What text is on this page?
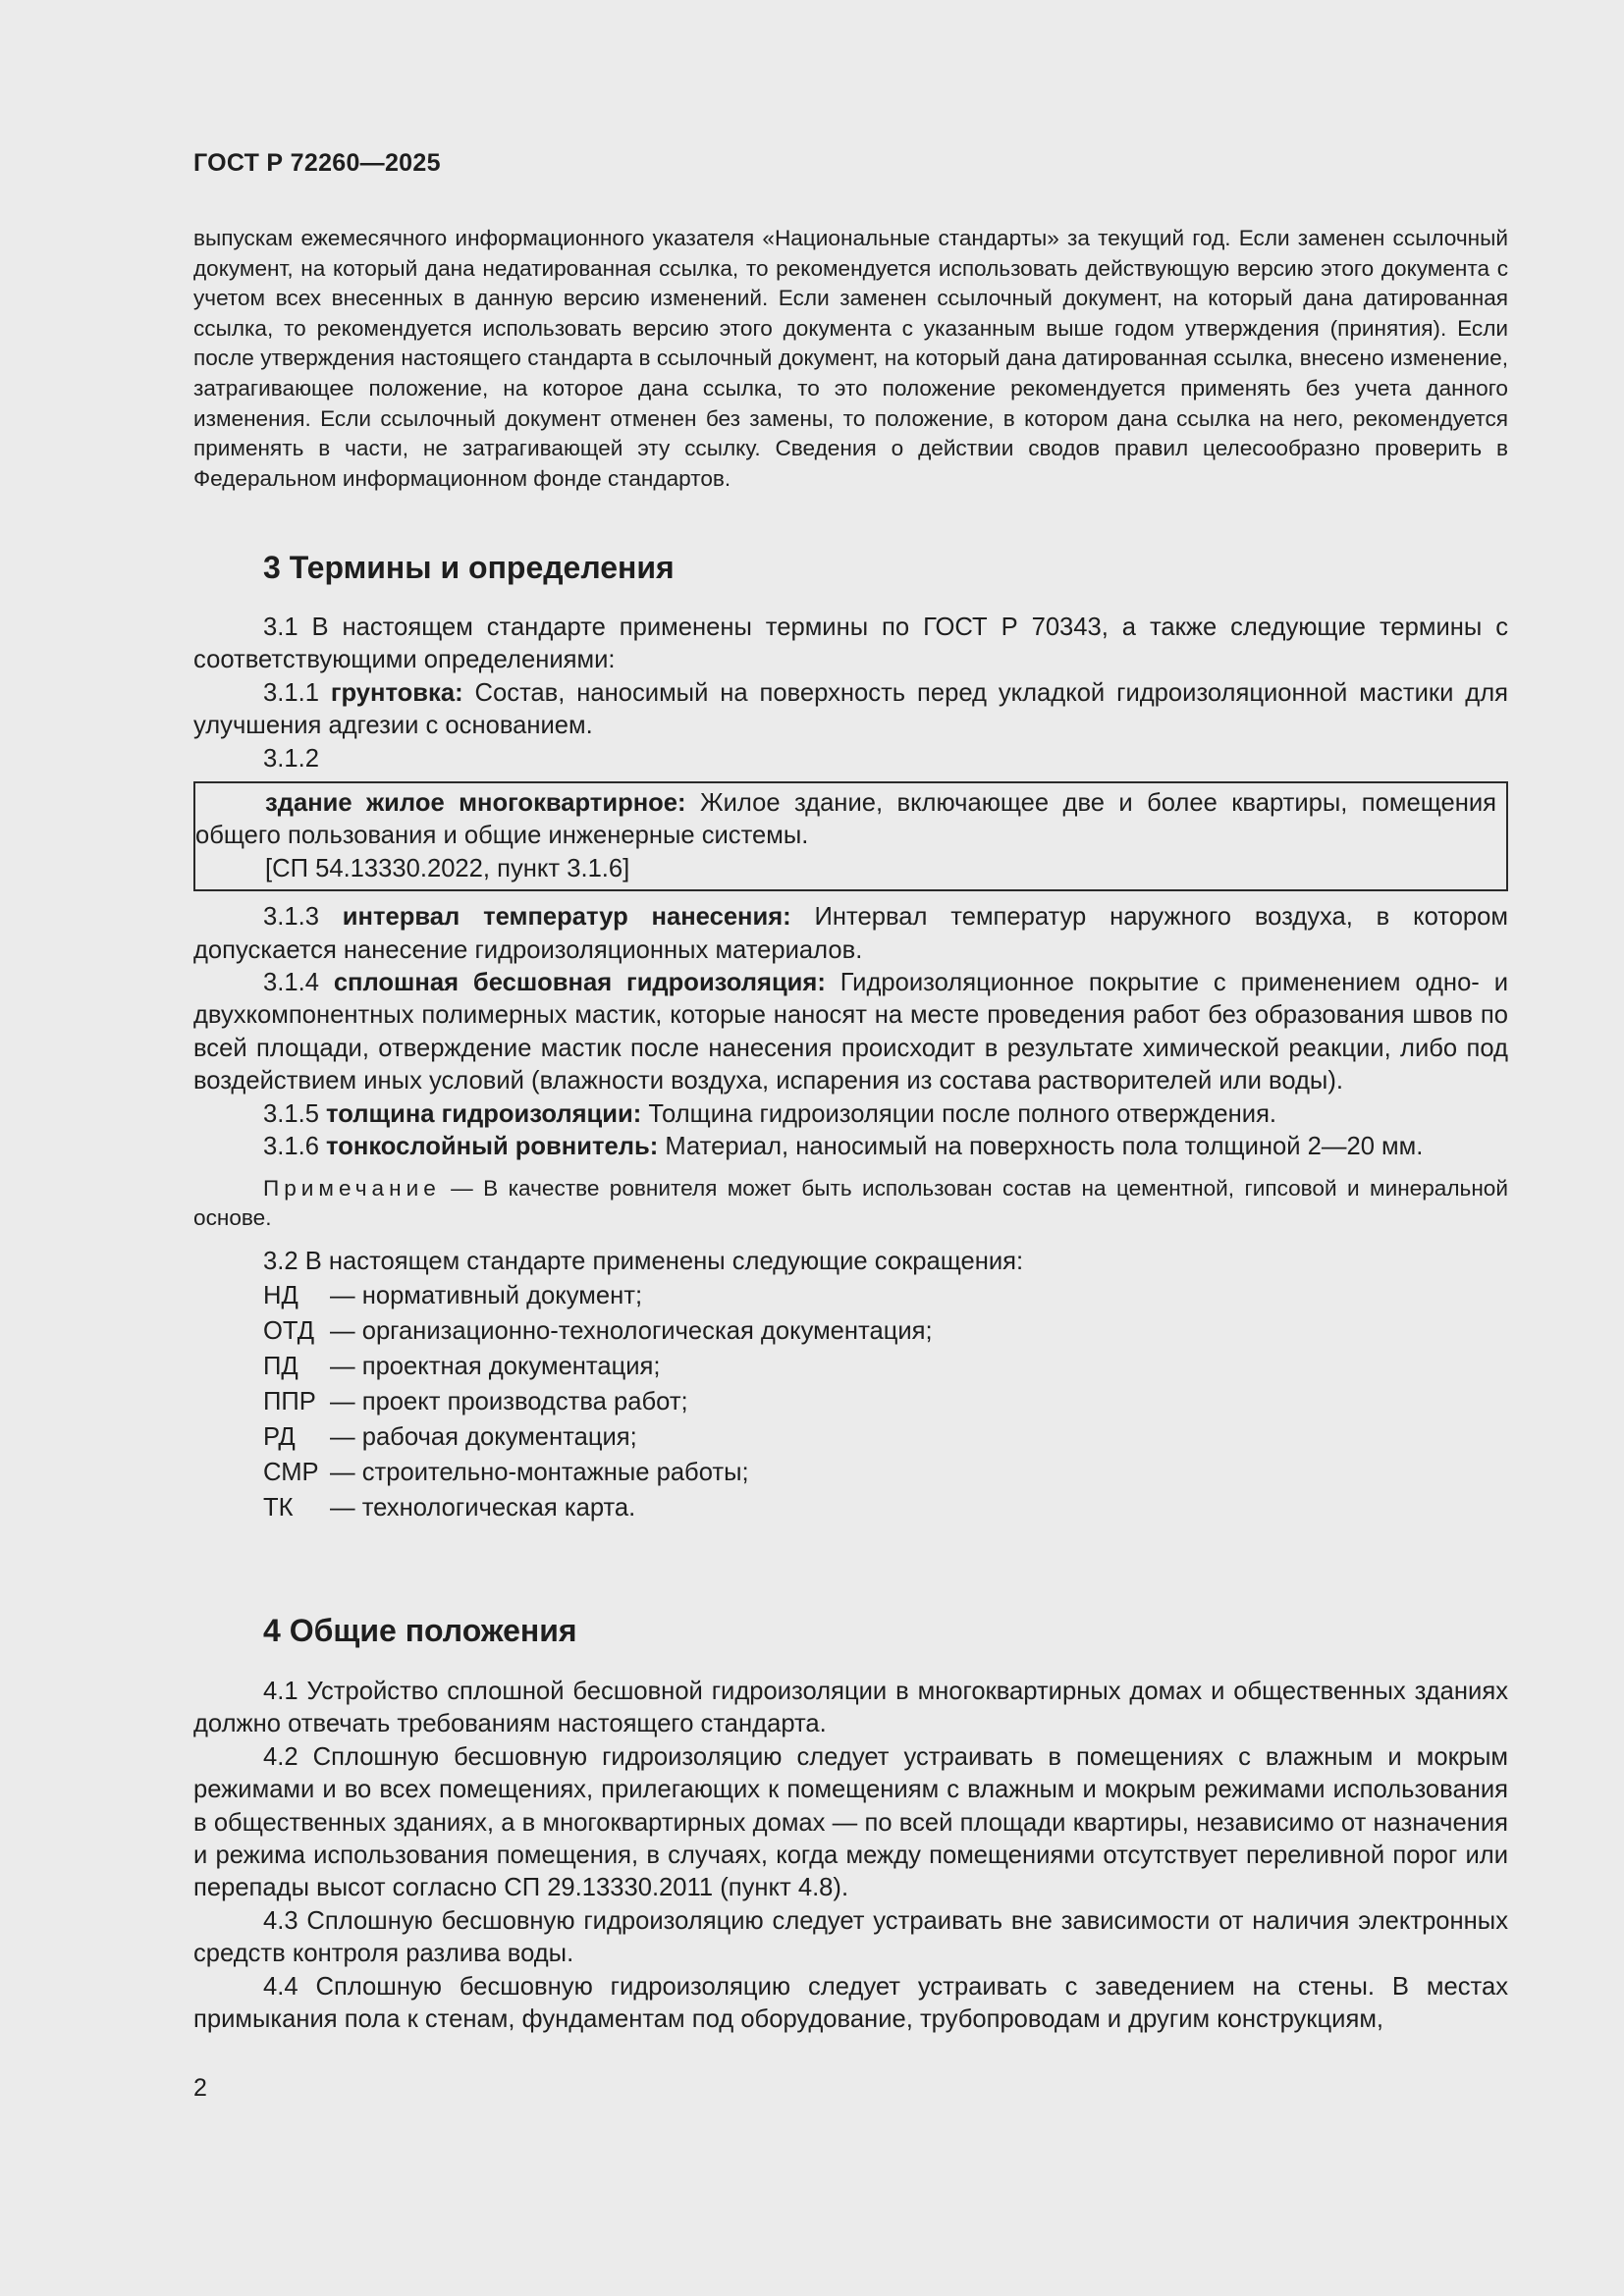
ГОСТ Р 72260—2025

выпускам ежемесячного информационного указателя «Национальные стандарты» за текущий год. Если заменен ссылочный документ, на который дана недатированная ссылка, то рекомендуется использовать действующую версию этого документа с учетом всех внесенных в данную версию изменений. Если заменен ссылочный документ, на который дана датированная ссылка, то рекомендуется использовать версию этого документа с указанным выше годом утверждения (принятия). Если после утверждения настоящего стандарта в ссылочный документ, на который дана датированная ссылка, внесено изменение, затрагивающее положение, на которое дана ссылка, то это положение рекомендуется применять без учета данного изменения. Если ссылочный документ отменен без замены, то положение, в котором дана ссылка на него, рекомендуется применять в части, не затрагивающей эту ссылку. Сведения о действии сводов правил целесообразно проверить в Федеральном информационном фонде стандартов.

3 Термины и определения

3.1 В настоящем стандарте применены термины по ГОСТ Р 70343, а также следующие термины с соответствующими определениями:

3.1.1 грунтовка: Состав, наносимый на поверхность перед укладкой гидроизоляционной мастики для улучшения адгезии с основанием.

3.1.2

здание жилое многоквартирное: Жилое здание, включающее две и более квартиры, помещения общего пользования и общие инженерные системы.

[СП 54.13330.2022, пункт 3.1.6]

3.1.3 интервал температур нанесения: Интервал температур наружного воздуха, в котором допускается нанесение гидроизоляционных материалов.

3.1.4 сплошная бесшовная гидроизоляция: Гидроизоляционное покрытие с применением одно- и двухкомпонентных полимерных мастик, которые наносят на месте проведения работ без образования швов по всей площади, отверждение мастик после нанесения происходит в результате химической реакции, либо под воздействием иных условий (влажности воздуха, испарения из состава растворителей или воды).

3.1.5 толщина гидроизоляции: Толщина гидроизоляции после полного отверждения.

3.1.6 тонкослойный ровнитель: Материал, наносимый на поверхность пола толщиной 2—20 мм.

Примечание — В качестве ровнителя может быть использован состав на цементной, гипсовой и минеральной основе.

3.2 В настоящем стандарте применены следующие сокращения:

НД	— нормативный документ;
ОТД — организационно-технологическая документация;
ПД	— проектная документация;
ППР — проект производства работ;
РД	— рабочая документация;
СМР — строительно-монтажные работы;
ТК	— технологическая карта.
4 Общие положения

4.1 Устройство сплошной бесшовной гидроизоляции в многоквартирных домах и общественных зданиях должно отвечать требованиям настоящего стандарта.

4.2 Сплошную бесшовную гидроизоляцию следует устраивать в помещениях с влажным и мокрым режимами и во всех помещениях, прилегающих к помещениям с влажным и мокрым режимами использования в общественных зданиях, а в многоквартирных домах — по всей площади квартиры, независимо от назначения и режима использования помещения, в случаях, когда между помещениями отсутствует переливной порог или перепады высот согласно СП 29.13330.2011 (пункт 4.8).

4.3 Сплошную бесшовную гидроизоляцию следует устраивать вне зависимости от наличия электронных средств контроля разлива воды.

4.4 Сплошную бесшовную гидроизоляцию следует устраивать с заведением на стены. В местах примыкания пола к стенам, фундаментам под оборудование, трубопроводам и другим конструкциям,

2
